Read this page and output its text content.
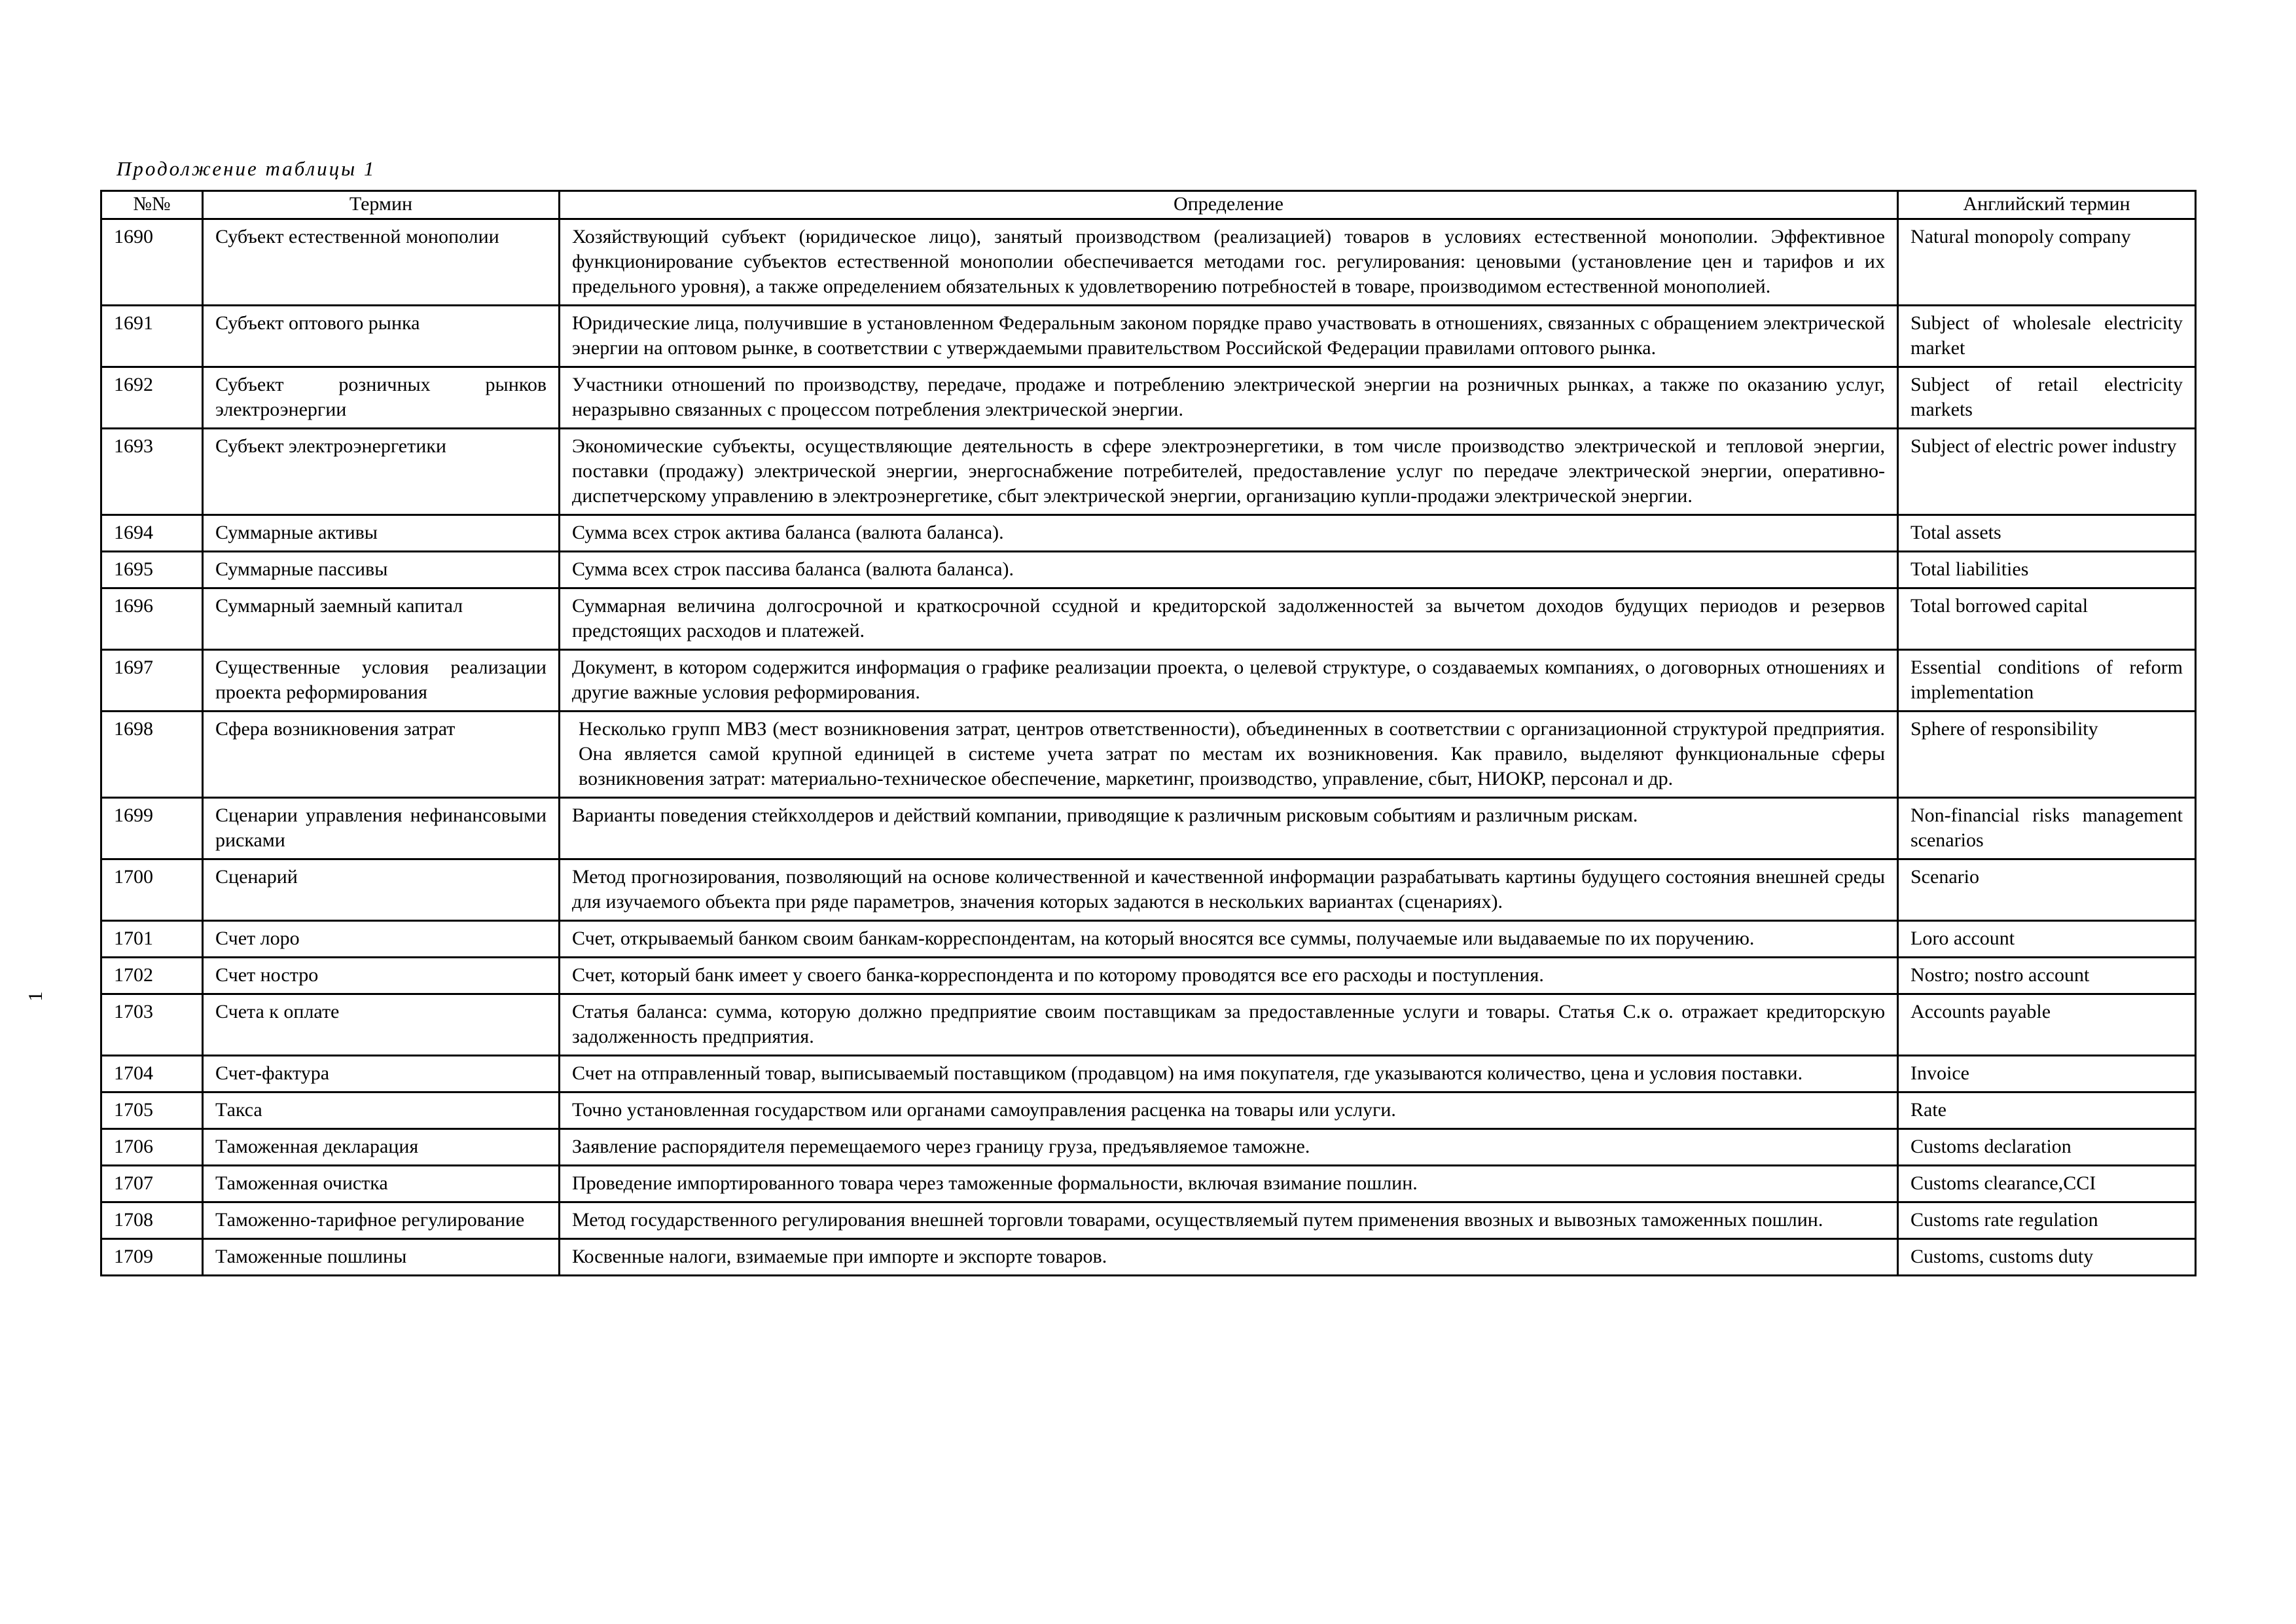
Продолжение таблицы 1
1
№№	Термин	Определение	Английский термин
1690	Субъект естественной монополии	Хозяйствующий субъект (юридическое лицо), занятый производством (реализацией) товаров в условиях естественной монополии. Эффективное функционирование субъектов естественной монополии обеспечивается методами гос. регулирования: ценовыми (установление цен и тарифов и их предельного уровня), а также определением обязательных к удовлетворению потребностей в товаре, производимом естественной монополией.	Natural monopoly company
1691	Субъект оптового рынка	Юридические лица, получившие в установленном Федеральным законом порядке право участвовать в отношениях, связанных с обращением электрической энергии на оптовом рынке, в соответствии с утверждаемыми правительством Российской Федерации правилами оптового рынка.	Subject of wholesale electricity market
1692	Субъект розничных рынков электроэнергии	Участники отношений по производству, передаче, продаже и потреблению электрической энергии на розничных рынках, а также по оказанию услуг, неразрывно связанных с процессом потребления электрической энергии.	Subject of retail electricity markets
1693	Субъект электроэнергетики	Экономические субъекты, осуществляющие деятельность в сфере электроэнергетики, в том числе производство электрической и тепловой энергии, поставки (продажу) электрической энергии, энергоснабжение потребителей, предоставление услуг по передаче электрической энергии, оперативно-диспетчерскому управлению в электроэнергетике, сбыт электрической энергии, организацию купли-продажи электрической энергии.	Subject of electric power industry
1694	Суммарные активы	Сумма всех строк актива баланса (валюта баланса).	Total assets
1695	Суммарные пассивы	Сумма всех строк пассива баланса (валюта баланса).	Total liabilities
1696	Суммарный заемный капитал	Суммарная величина долгосрочной и краткосрочной ссудной и кредиторской задолженностей за вычетом доходов будущих периодов и резервов предстоящих расходов и платежей.	Total borrowed capital
1697	Существенные условия реализации проекта реформирования	Документ, в котором содержится информация о графике реализации проекта, о целевой структуре, о создаваемых компаниях, о договорных отношениях и другие важные условия реформирования.	Essential conditions of reform implementation
1698	Сфера возникновения затрат	Несколько групп МВЗ (мест возникновения затрат, центров ответственности), объединенных в соответствии с организационной структурой предприятия. Она является самой крупной единицей в системе учета затрат по местам их возникновения. Как правило, выделяют функциональные сферы возникновения затрат: материально-техническое обеспечение, маркетинг, производство, управление, сбыт, НИОКР, персонал и др.	Sphere of responsibility
1699	Сценарии управления нефинансовыми рисками	Варианты поведения стейкхолдеров и действий компании, приводящие к различным рисковым событиям и различным рискам.	Non-financial risks management scenarios
1700	Сценарий	Метод прогнозирования, позволяющий на основе количественной и качественной информации разрабатывать картины будущего состояния внешней среды для изучаемого объекта при ряде параметров, значения которых задаются в нескольких вариантах (сценариях).	Scenario
1701	Счет лоро	Счет, открываемый банком своим банкам-корреспондентам, на который вносятся все суммы, получаемые или выдаваемые по их поручению.	Loro account
1702	Счет ностро	Счет, который банк имеет у своего банка-корреспондента и по которому проводятся все его расходы и поступления.	Nostro; nostro account
1703	Счета к оплате	Статья баланса: сумма, которую должно предприятие своим поставщикам за предоставленные услуги и товары. Статья С.к о. отражает кредиторскую задолженность предприятия.	Accounts payable
1704	Счет-фактура	Счет на отправленный товар, выписываемый поставщиком (продавцом) на имя покупателя, где указываются количество, цена и условия поставки.	Invoice
1705	Такса	Точно установленная государством или органами самоуправления расценка на товары или услуги.	Rate
1706	Таможенная декларация	Заявление распорядителя перемещаемого через границу груза, предъявляемое таможне.	Customs declaration
1707	Таможенная очистка	Проведение импортированного товара через таможенные формальности, включая взимание пошлин.	Customs clearance,CCI
1708	Таможенно-тарифное регулирование	Метод государственного регулирования внешней торговли товарами, осуществляемый путем применения ввозных и вывозных таможенных пошлин.	Customs rate regulation
1709	Таможенные пошлины	Косвенные налоги, взимаемые при импорте и экспорте товаров.	Customs, customs duty
